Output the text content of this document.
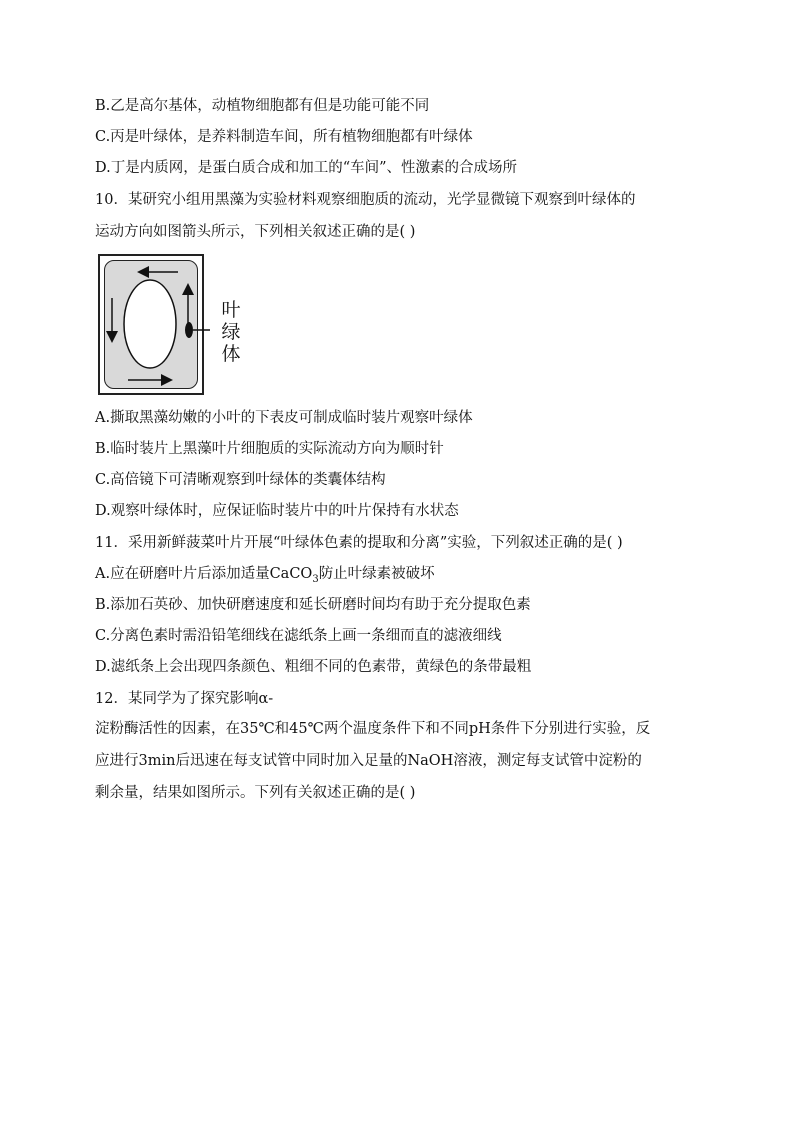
B.乙是高尔基体，动植物细胞都有但是功能可能不同
C.丙是叶绿体，是养料制造车间，所有植物细胞都有叶绿体
D.丁是内质网，是蛋白质合成和加工的“车间”、性激素的合成场所
10．某研究小组用黑藻为实验材料观察细胞质的流动，光学显微镜下观察到叶绿体的
运动方向如图箭头所示，下列相关叙述正确的是( )
叶绿体
A.撕取黑藻幼嫩的小叶的下表皮可制成临时装片观察叶绿体
B.临时装片上黑藻叶片细胞质的实际流动方向为顺时针
C.高倍镜下可清晰观察到叶绿体的类囊体结构
D.观察叶绿体时，应保证临时装片中的叶片保持有水状态
11．采用新鲜菠菜叶片开展“叶绿体色素的提取和分离”实验，下列叙述正确的是( )
A.应在研磨叶片后添加适量CaCO$_3$防止叶绿素被破坏
B.添加石英砂、加快研磨速度和延长研磨时间均有助于充分提取色素
C.分离色素时需沿铅笔细线在滤纸条上画一条细而直的滤液细线
D.滤纸条上会出现四条颜色、粗细不同的色素带，黄绿色的条带最粗
12．某同学为了探究影响α-
淀粉酶活性的因素，在35℃和45℃两个温度条件下和不同pH条件下分别进行实验，反
应进行3min后迅速在每支试管中同时加入足量的NaOH溶液，测定每支试管中淀粉的
剩余量，结果如图所示。下列有关叙述正确的是( )
